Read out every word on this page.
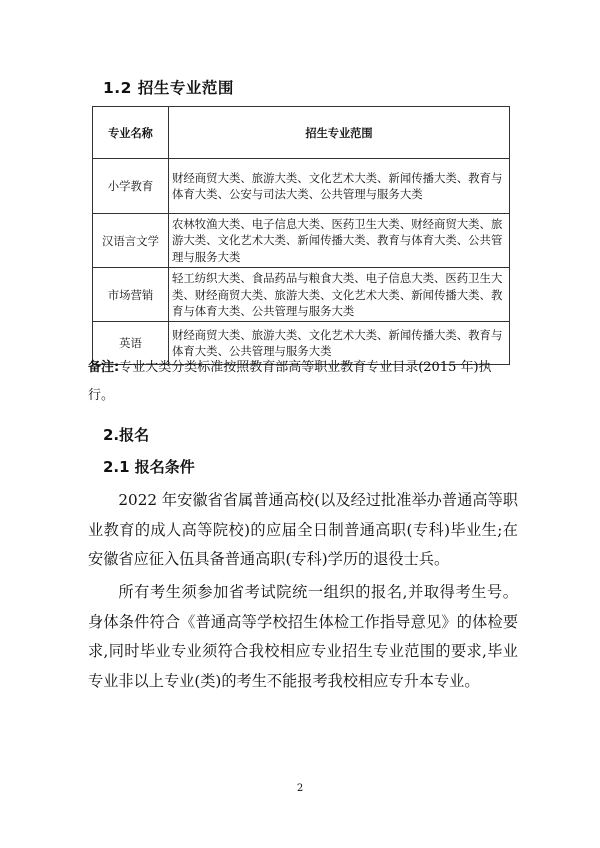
1.2 招生专业范围
专业名称	招生专业范围
小学教育	财经商贸大类、旅游大类、文化艺术大类、新闻传播大类、教育与体育大类、公安与司法大类、公共管理与服务大类
汉语言文学	农林牧渔大类、电子信息大类、医药卫生大类、财经商贸大类、旅游大类、文化艺术大类、新闻传播大类、教育与体育大类、公共管理与服务大类
市场营销	轻工纺织大类、食品药品与粮食大类、电子信息大类、医药卫生大类、财经商贸大类、旅游大类、文化艺术大类、新闻传播大类、教育与体育大类、公共管理与服务大类
英语	财经商贸大类、旅游大类、文化艺术大类、新闻传播大类、教育与体育大类、公共管理与服务大类
备注:专业大类分类标准按照教育部高等职业教育专业目录(2015 年)执行。
2.报名
2.1 报名条件
2022 年安徽省省属普通高校(以及经过批准举办普通高等职业教育的成人高等院校)的应届全日制普通高职(专科)毕业生;在安徽省应征入伍具备普通高职(专科)学历的退役士兵。
所有考生须参加省考试院统一组织的报名,并取得考生号。身体条件符合《普通高等学校招生体检工作指导意见》的体检要求,同时毕业专业须符合我校相应专业招生专业范围的要求,毕业专业非以上专业(类)的考生不能报考我校相应专升本专业。
2
